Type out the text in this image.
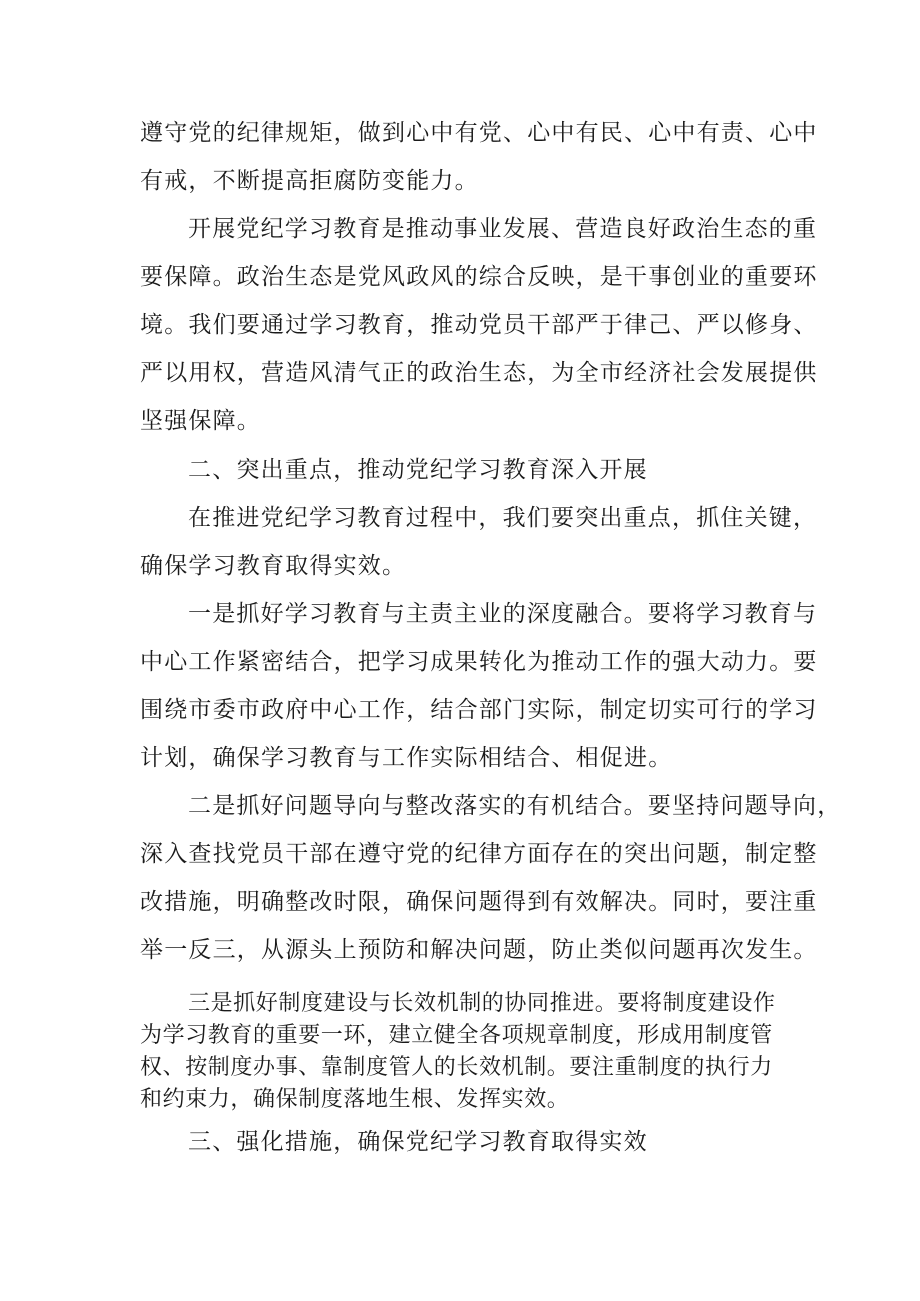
遵守党的纪律规矩，做到心中有党、心中有民、心中有责、心中

有戒，不断提高拒腐防变能力。

开展党纪学习教育是推动事业发展、营造良好政治生态的重

要保障。政治生态是党风政风的综合反映，是干事创业的重要环

境。我们要通过学习教育，推动党员干部严于律己、严以修身、

严以用权，营造风清气正的政治生态，为全市经济社会发展提供

坚强保障。

二、突出重点，推动党纪学习教育深入开展

在推进党纪学习教育过程中，我们要突出重点，抓住关键，

确保学习教育取得实效。

一是抓好学习教育与主责主业的深度融合。要将学习教育与

中心工作紧密结合，把学习成果转化为推动工作的强大动力。要

围绕市委市政府中心工作，结合部门实际，制定切实可行的学习

计划，确保学习教育与工作实际相结合、相促进。

二是抓好问题导向与整改落实的有机结合。要坚持问题导向，

深入查找党员干部在遵守党的纪律方面存在的突出问题，制定整

改措施，明确整改时限，确保问题得到有效解决。同时，要注重

举一反三，从源头上预防和解决问题，防止类似问题再次发生。

三是抓好制度建设与长效机制的协同推进。要将制度建设作

为学习教育的重要一环，建立健全各项规章制度，形成用制度管

权、按制度办事、靠制度管人的长效机制。要注重制度的执行力

和约束力，确保制度落地生根、发挥实效。

三、强化措施，确保党纪学习教育取得实效
